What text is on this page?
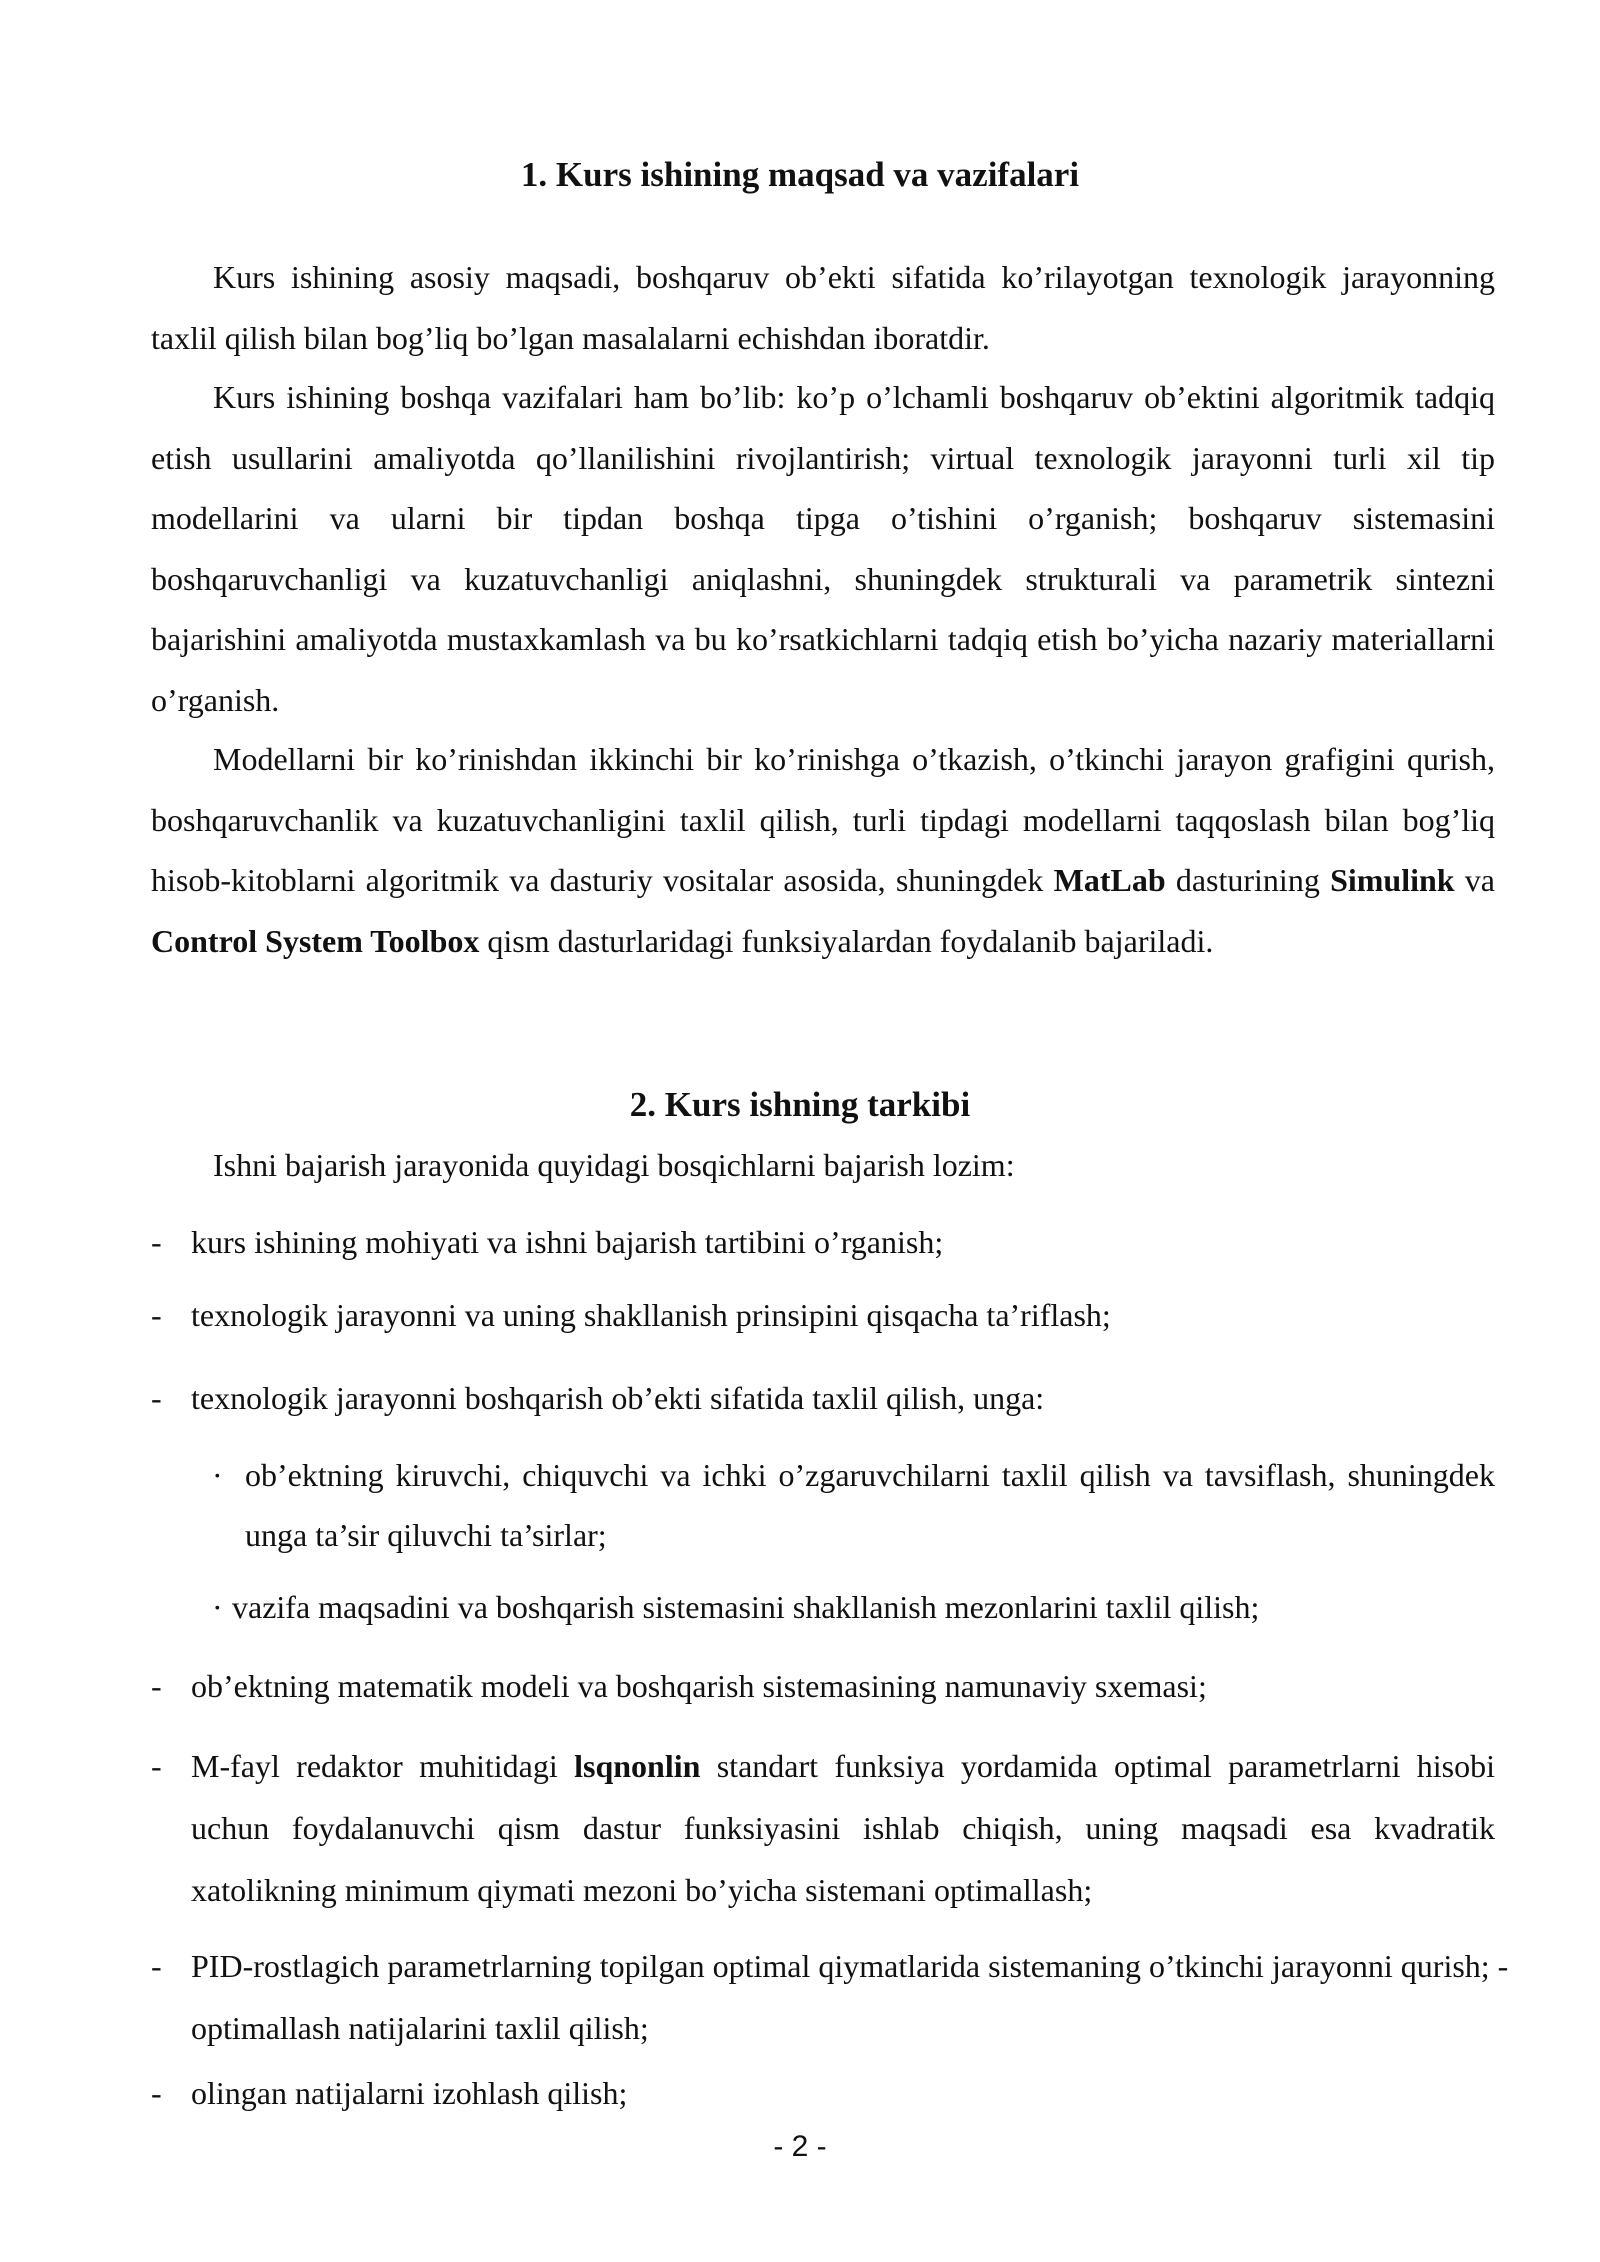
1. Kurs ishining maqsad va vazifalari

Kurs ishining asosiy maqsadi, boshqaruv ob’ekti sifatida ko’rilayotgan texnologik jarayonning taxlil qilish bilan bog’liq bo’lgan masalalarni echishdan iboratdir.

Kurs ishining boshqa vazifalari ham bo’lib: ko’p o’lchamli boshqaruv ob’ektini algoritmik tadqiq etish usullarini amaliyotda qo’llanilishini rivojlantirish; virtual texnologik jarayonni turli xil tip modellarini va ularni bir tipdan boshqa tipga o’tishini o’rganish; boshqaruv sistemasini boshqaruvchanligi va kuzatuvchanligi aniqlashni, shuningdek strukturali va parametrik sintezni bajarishini amaliyotda mustaxkamlash va bu ko’rsatkichlarni tadqiq etish bo’yicha nazariy materiallarni o’rganish.

Modellarni bir ko’rinishdan ikkinchi bir ko’rinishga o’tkazish, o’tkinchi jarayon grafigini qurish, boshqaruvchanlik va kuzatuvchanligini taxlil qilish, turli tipdagi modellarni taqqoslash bilan bog’liq hisob-kitoblarni algoritmik va dasturiy vositalar asosida, shuningdek MatLab dasturining Simulink va Control System Toolbox qism dasturlaridagi funksiyalardan foydalanib bajariladi.

2. Kurs ishning tarkibi

Ishni bajarish jarayonida quyidagi bosqichlarni bajarish lozim:

- kurs ishining mohiyati va ishni bajarish tartibini o’rganish;
- texnologik jarayonni va uning shakllanish prinsipini qisqacha ta’riflash;
- texnologik jarayonni boshqarish ob’ekti sifatida taxlil qilish, unga:
· ob’ektning kiruvchi, chiquvchi va ichki o’zgaruvchilarni taxlil qilish va tavsiflash, shuningdek unga ta’sir qiluvchi ta’sirlar;
· vazifa maqsadini va boshqarish sistemasini shakllanish mezonlarini taxlil qilish;
- ob’ektning matematik modeli va boshqarish sistemasining namunaviy sxemasi;
- M-fayl redaktor muhitidagi lsqnonlin standart funksiya yordamida optimal parametrlarni hisobi uchun foydalanuvchi qism dastur funksiyasini ishlab chiqish, uning maqsadi esa kvadratik xatolikning minimum qiymati mezoni bo’yicha sistemani optimallash;
- PID-rostlagich parametrlarning topilgan optimal qiymatlarida sistemaning o’tkinchi jarayonni qurish; - optimallash natijalarini taxlil qilish;
- olingan natijalarni izohlash qilish;
- 2 -
